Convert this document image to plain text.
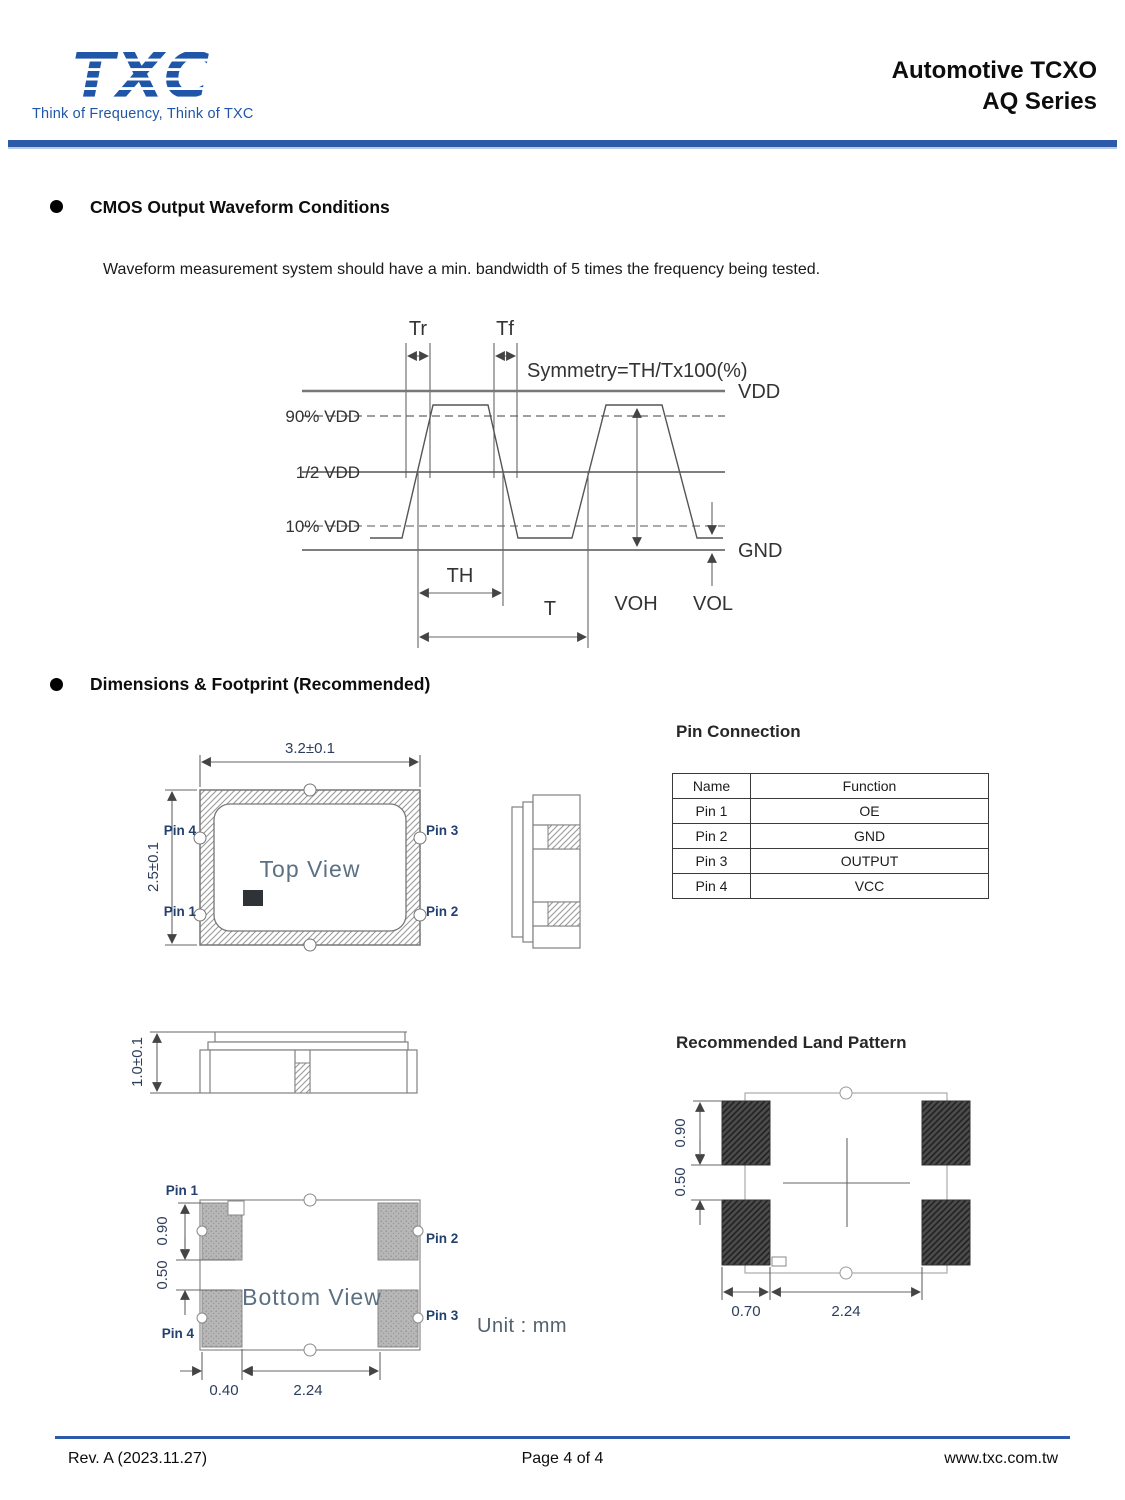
TXC
Think of Frequency, Think of TXC
Automotive TCXO
AQ Series
CMOS Output Waveform Conditions
Waveform measurement system should have a min. bandwidth of 5 times the frequency being tested.
Tr	Tf
Symmetry=TH/Tx100(%)
VDD
90% VDD
1/2 VDD
10% VDD
GND
TH
T	VOH VOL
Dimensions & Footprint (Recommended)
3.2±0.1
2.5±0.1	Top View
Pin 4
Pin 1
Pin 3
Pin 2
1.0±0.1
Bottom View
Pin 1
Pin 2
Pin 3
Pin 4
0.90
0.50
0.40	2.24
Unit : mm
Pin Connection
Name	Function
Pin 1	OE
Pin 2	GND
Pin 3	OUTPUT
Pin 4	VCC
Recommended Land Pattern
0.90
0.50
0.70	2.24
Rev. A (2023.11.27)	Page 4 of 4	www.txc.com.tw
